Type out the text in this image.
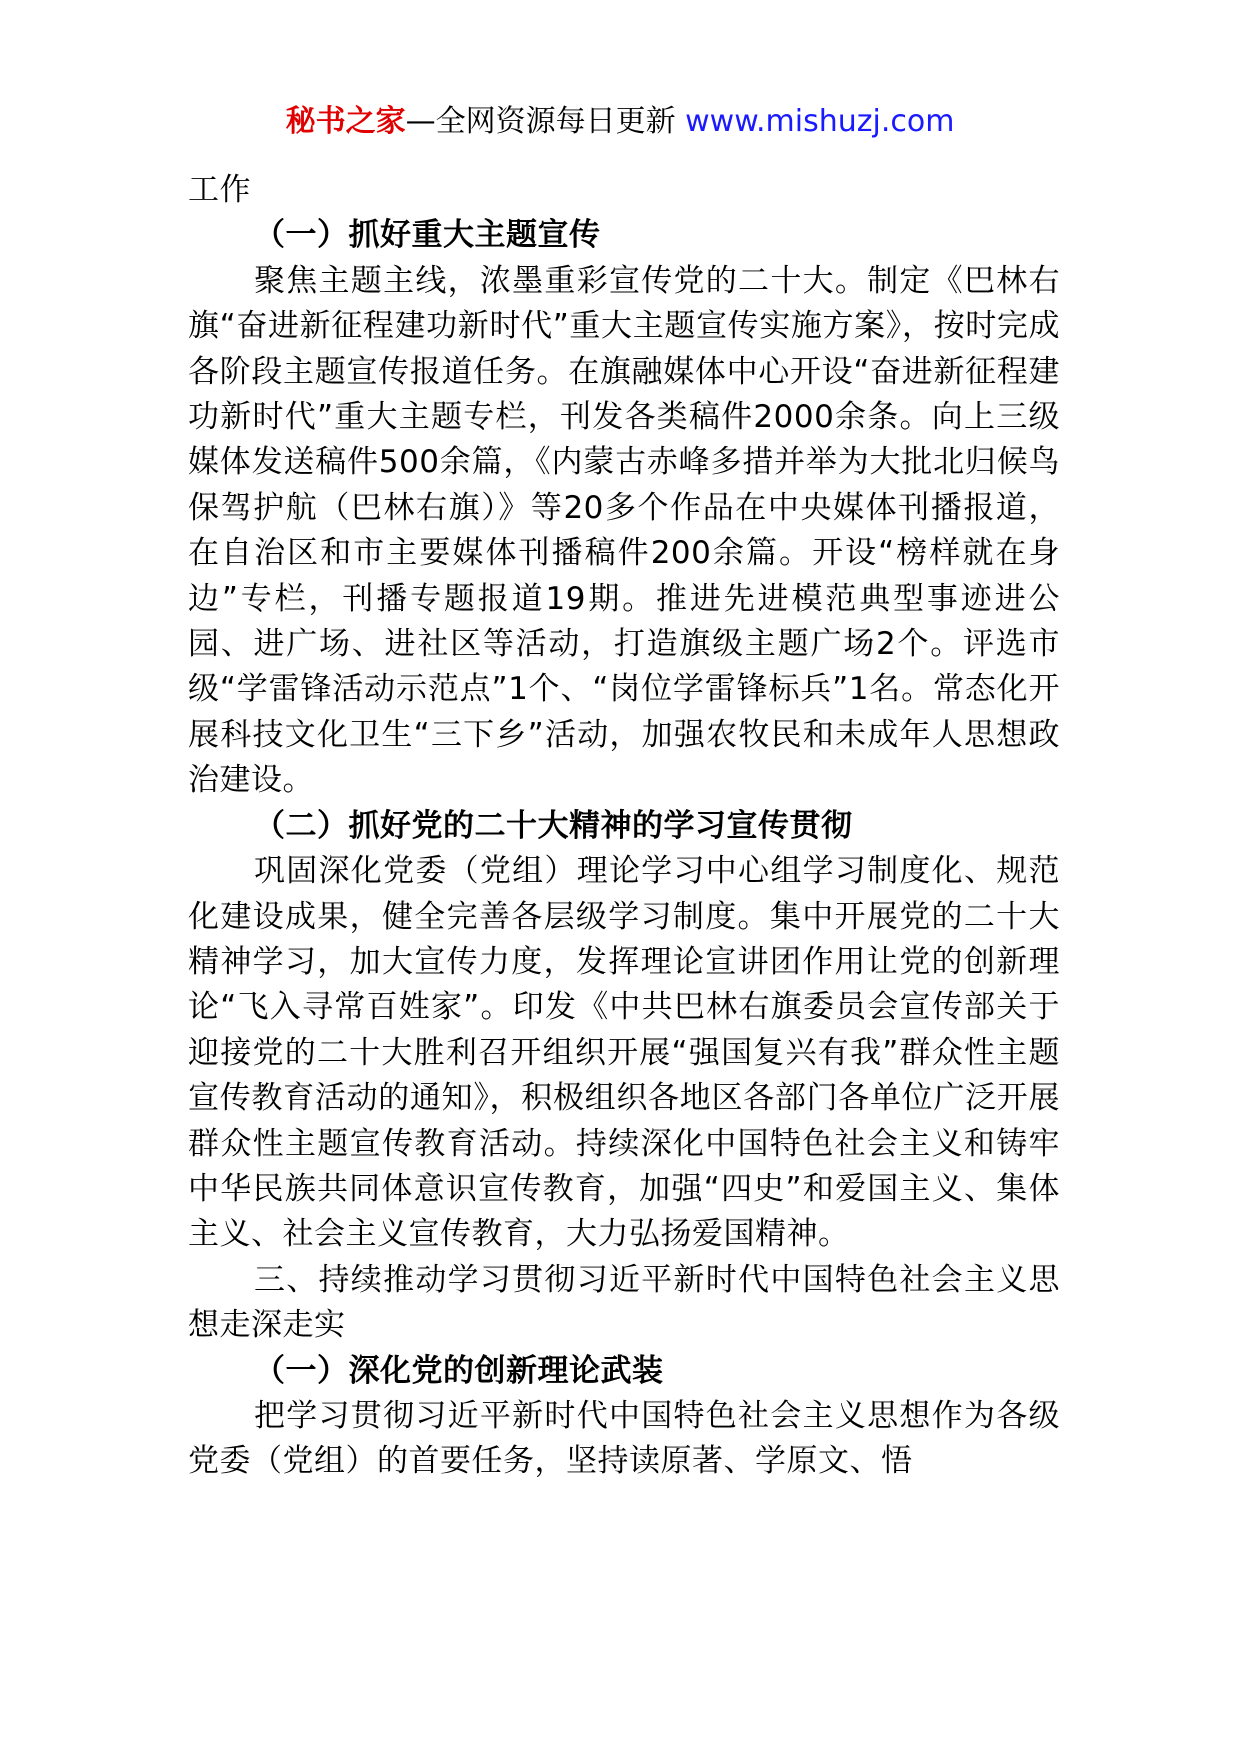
秘书之家—全网资源每日更新 www.mishuzj.com

工作

（一）抓好重大主题宣传

聚焦主题主线，浓墨重彩宣传党的二十大。制定《巴林右旗“奋进新征程建功新时代”重大主题宣传实施方案》，按时完成各阶段主题宣传报道任务。在旗融媒体中心开设“奋进新征程建功新时代”重大主题专栏，刊发各类稿件2000余条。向上三级媒体发送稿件500余篇，《内蒙古赤峰多措并举为大批北归候鸟保驾护航（巴林右旗）》等20多个作品在中央媒体刊播报道，在自治区和市主要媒体刊播稿件200余篇。开设“榜样就在身边”专栏，刊播专题报道19期。推进先进模范典型事迹进公园、进广场、进社区等活动，打造旗级主题广场2个。评选市级“学雷锋活动示范点”1个、“岗位学雷锋标兵”1名。常态化开展科技文化卫生“三下乡”活动，加强农牧民和未成年人思想政治建设。

（二）抓好党的二十大精神的学习宣传贯彻

巩固深化党委（党组）理论学习中心组学习制度化、规范化建设成果，健全完善各层级学习制度。集中开展党的二十大精神学习，加大宣传力度，发挥理论宣讲团作用让党的创新理论“飞入寻常百姓家”。印发《中共巴林右旗委员会宣传部关于迎接党的二十大胜利召开组织开展“强国复兴有我”群众性主题宣传教育活动的通知》，积极组织各地区各部门各单位广泛开展群众性主题宣传教育活动。持续深化中国特色社会主义和铸牢中华民族共同体意识宣传教育，加强“四史”和爱国主义、集体主义、社会主义宣传教育，大力弘扬爱国精神。

三、持续推动学习贯彻习近平新时代中国特色社会主义思想走深走实

（一）深化党的创新理论武装

把学习贯彻习近平新时代中国特色社会主义思想作为各级党委（党组）的首要任务，坚持读原著、学原文、悟
